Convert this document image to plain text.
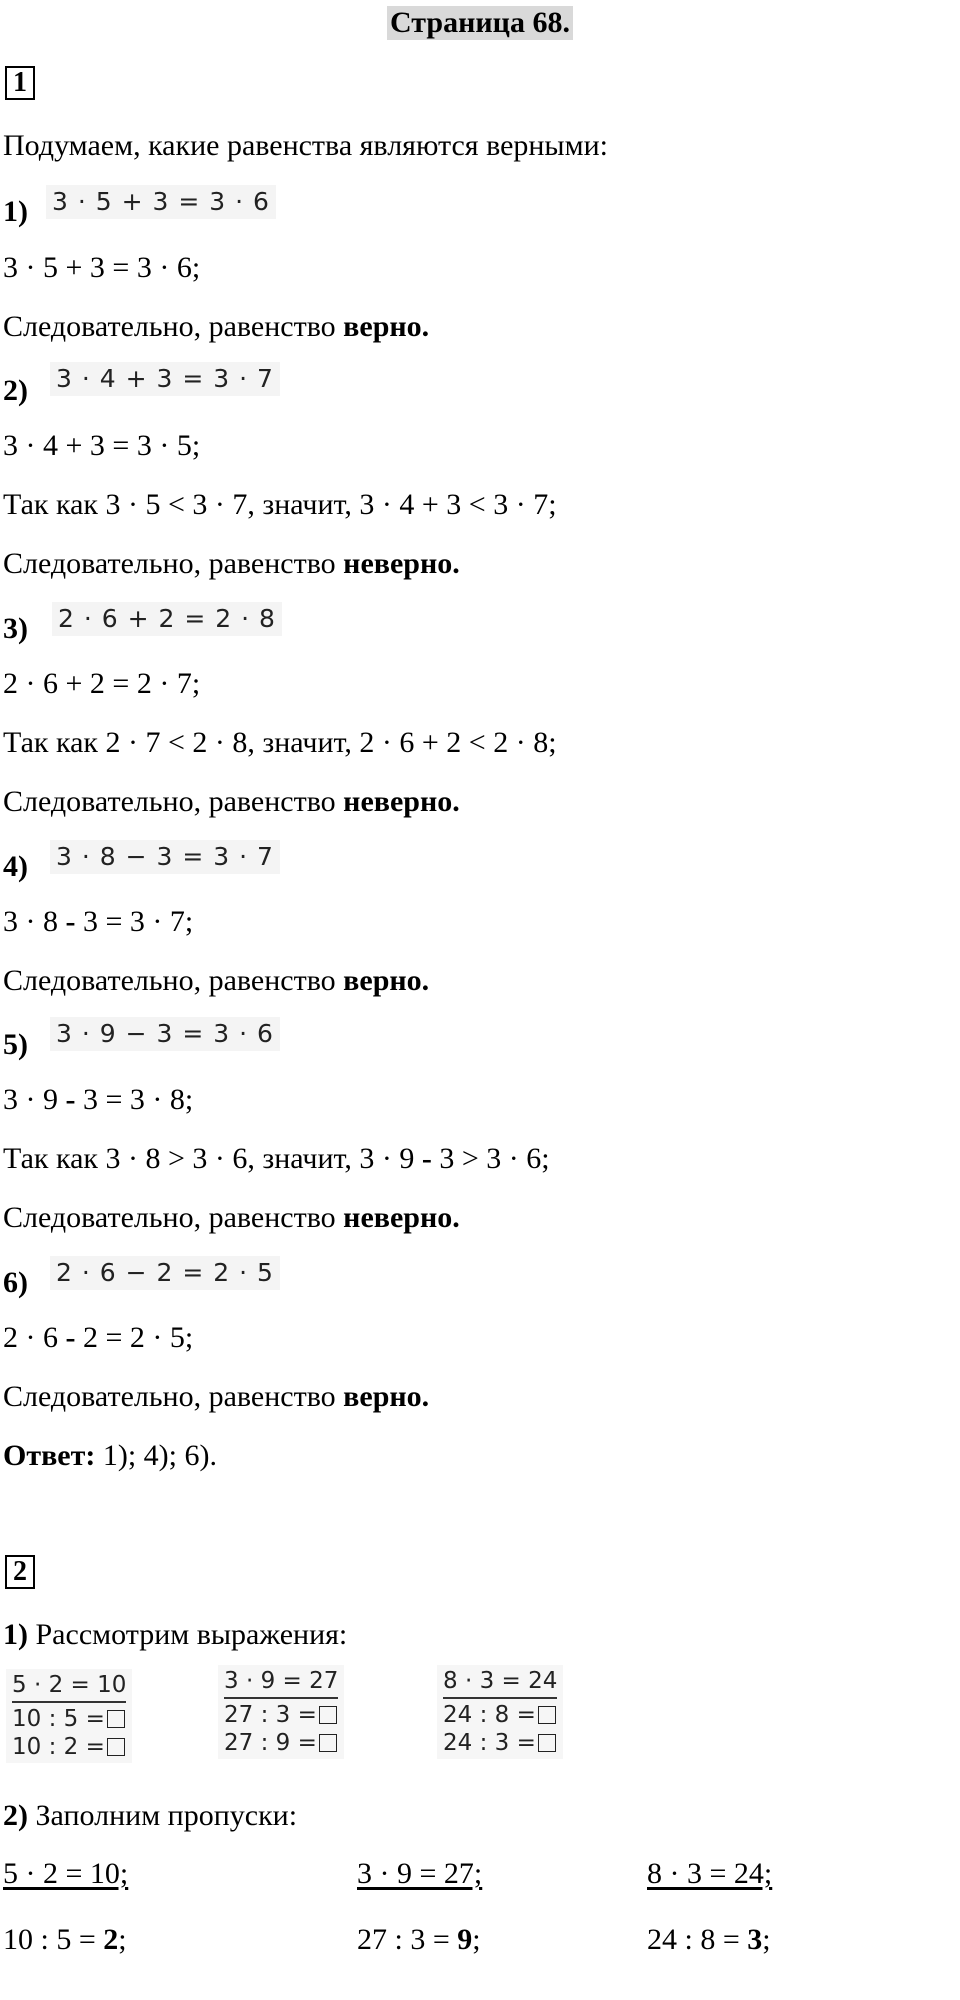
Страница 68.
1
Подумаем, какие равенства являются верными:
1) 3 · 5 + 3 = 3 · 6
3 · 5 + 3 = 3 · 6;
Следовательно, равенство верно.
2) 3 · 4 + 3 = 3 · 7
3 · 4 + 3 = 3 · 5;
Так как 3 · 5 < 3 · 7, значит, 3 · 4 + 3 < 3 · 7;
Следовательно, равенство неверно.
3) 2 · 6 + 2 = 2 · 8
2 · 6 + 2 = 2 · 7;
Так как 2 · 7 < 2 · 8, значит, 2 · 6 + 2 < 2 · 8;
Следовательно, равенство неверно.
4) 3 · 8 − 3 = 3 · 7
3 · 8 - 3 = 3 · 7;
Следовательно, равенство верно.
5) 3 · 9 − 3 = 3 · 6
3 · 9 - 3 = 3 · 8;
Так как 3 · 8 > 3 · 6, значит, 3 · 9 - 3 > 3 · 6;
Следовательно, равенство неверно.
6) 2 · 6 − 2 = 2 · 5
2 · 6 - 2 = 2 · 5;
Следовательно, равенство верно.
Ответ: 1); 4); 6).
2
1) Рассмотрим выражения:
5 · 2 = 10
10 : 5 =
10 : 2 =
3 · 9 = 27
27 : 3 =
27 : 9 =
8 · 3 = 24
24 : 8 =
24 : 3 =
2) Заполним пропуски:
5 · 2 = 10;	3 · 9 = 27;	8 · 3 = 24;
10 : 5 = 2;	27 : 3 = 9;	24 : 8 = 3;
